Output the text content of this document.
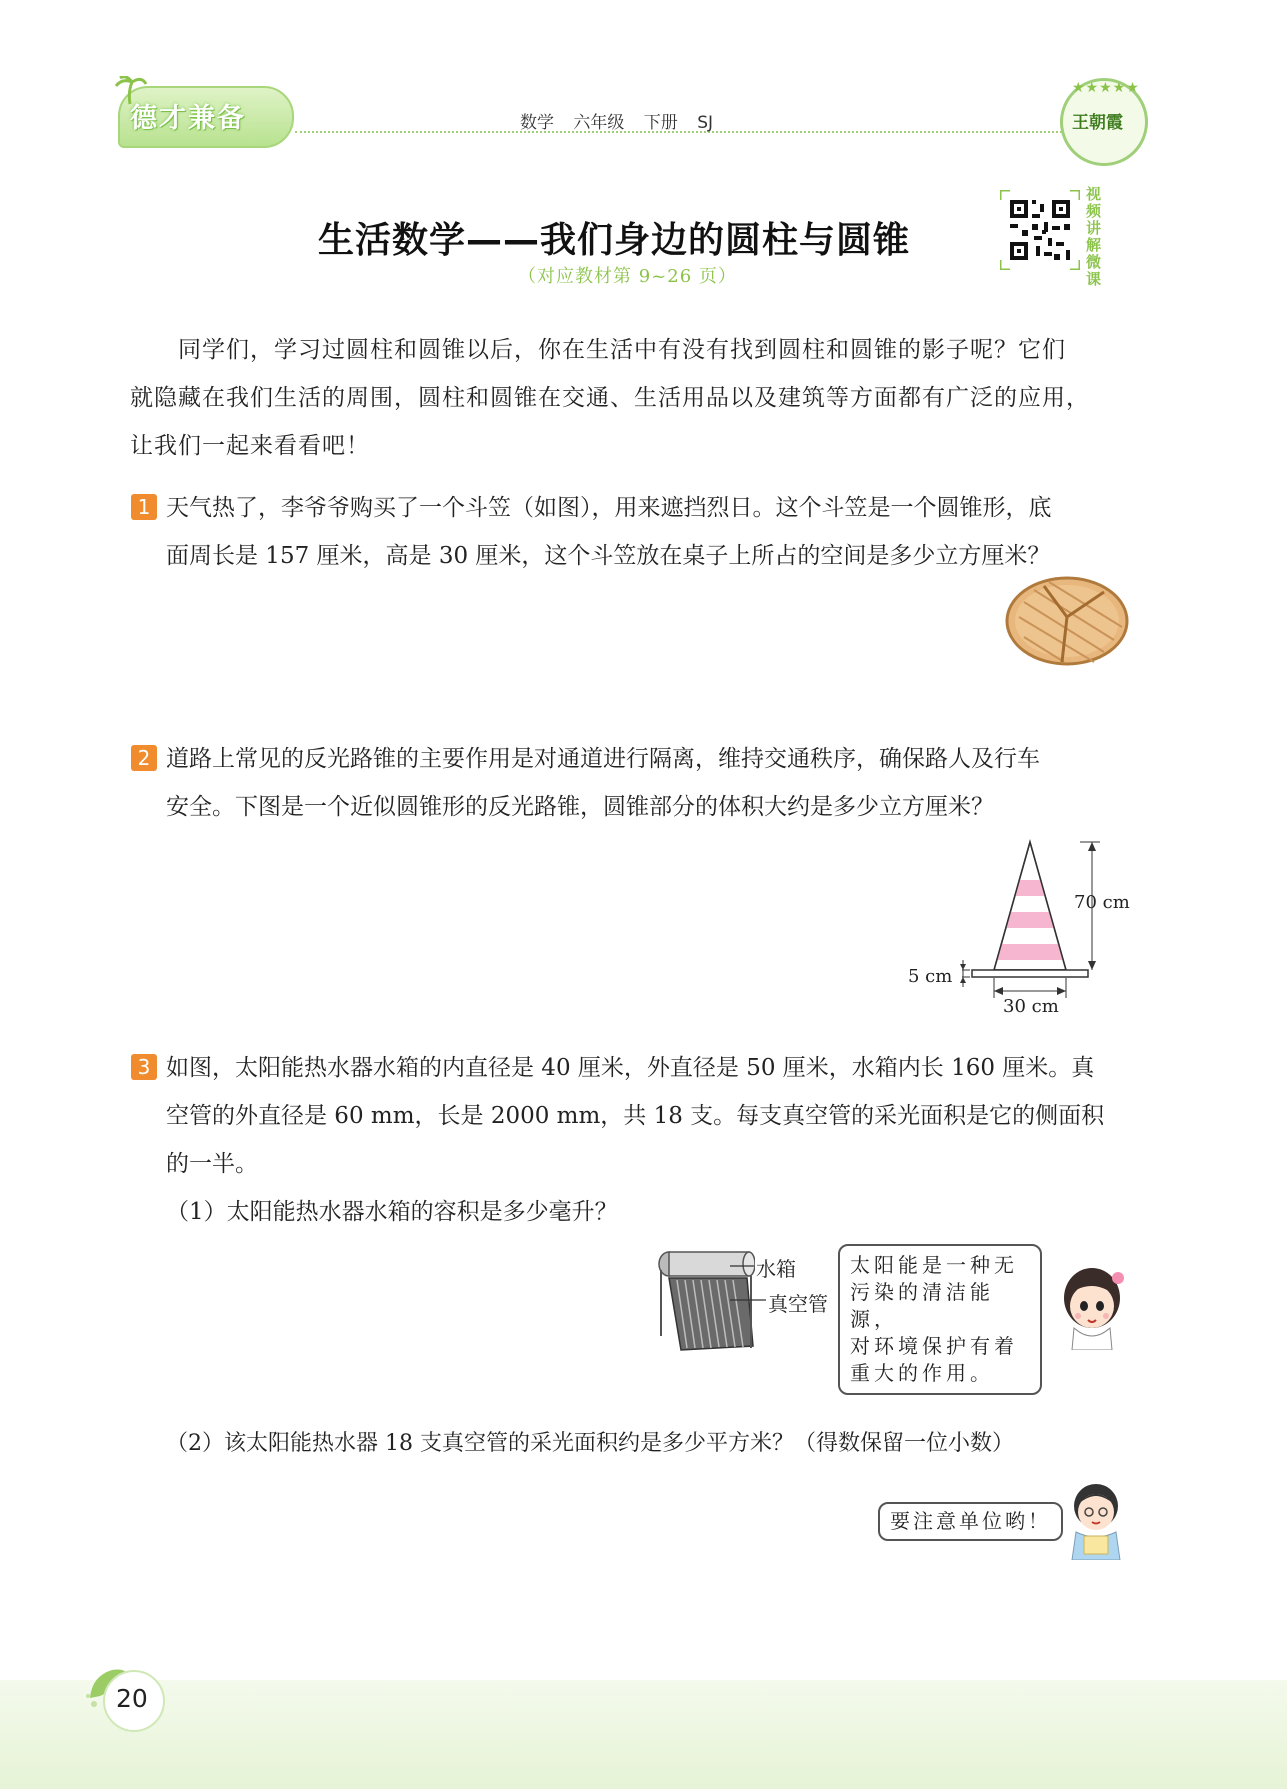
德才兼备	数学 六年级 下册 SJ
★★★★★
王朝霞
生活数学——我们身边的圆柱与圆锥
（对应教材第 9~26 页）
视频讲解微课
同学们，学习过圆柱和圆锥以后，你在生活中有没有找到圆柱和圆锥的影子呢？它们
就隐藏在我们生活的周围，圆柱和圆锥在交通、生活用品以及建筑等方面都有广泛的应用，
让我们一起来看看吧！
1 天气热了，李爷爷购买了一个斗笠（如图），用来遮挡烈日。这个斗笠是一个圆锥形，底
面周长是 157 厘米，高是 30 厘米，这个斗笠放在桌子上所占的空间是多少立方厘米？
2 道路上常见的反光路锥的主要作用是对通道进行隔离，维持交通秩序，确保路人及行车
安全。下图是一个近似圆锥形的反光路锥，圆锥部分的体积大约是多少立方厘米？
70 cm
5 cm
30 cm
3 如图，太阳能热水器水箱的内直径是 40 厘米，外直径是 50 厘米，水箱内长 160 厘米。真
空管的外直径是 60 mm，长是 2000 mm，共 18 支。每支真空管的采光面积是它的侧面积
的一半。
（1）太阳能热水器水箱的容积是多少毫升？
水箱
真空管
太阳能是一种无
污染的清洁能源，
对环境保护有着
重大的作用。
（2）该太阳能热水器 18 支真空管的采光面积约是多少平方米？（得数保留一位小数）
要注意单位哟！
20
